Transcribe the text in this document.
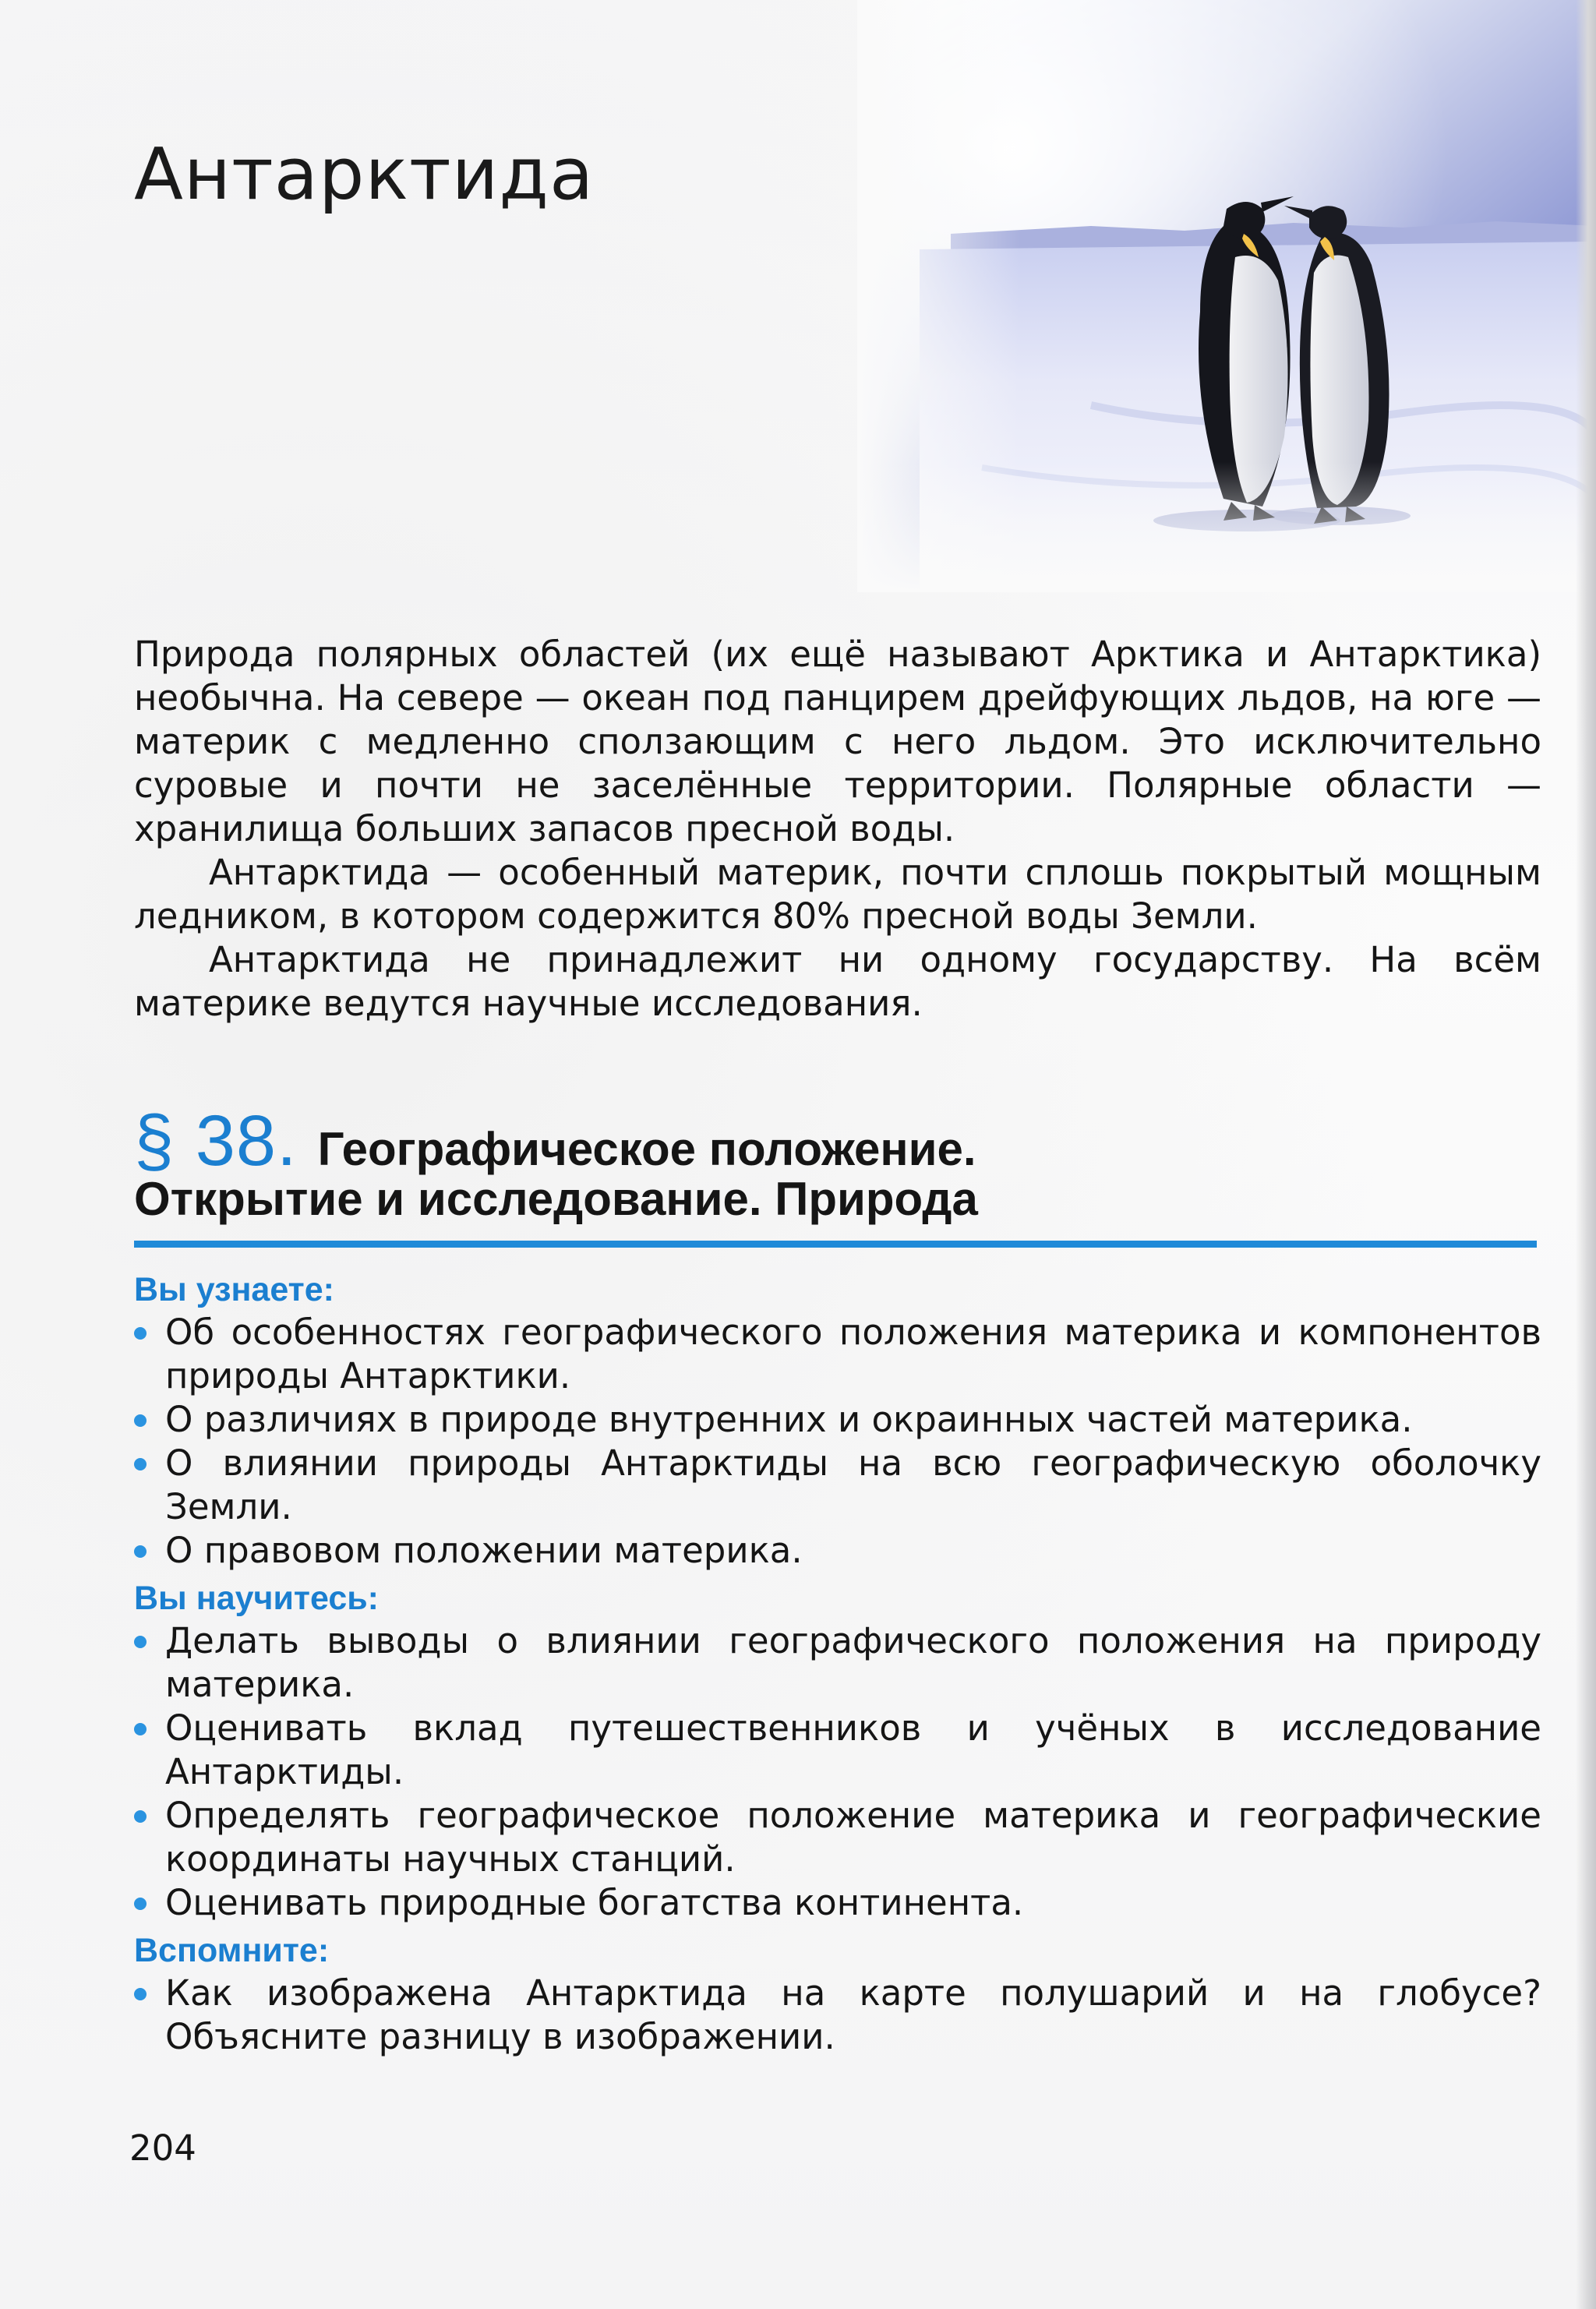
Антарктида

Природа полярных областей (их ещё называют Арктика и Антарктика) необычна. На севере — океан под панцирем дрейфующих льдов, на юге — материк с медленно сползающим с него льдом. Это исключительно суровые и почти не заселённые территории. Полярные области — хранилища больших запасов пресной воды.

Антарктида — особенный материк, почти сплошь покрытый мощным ледником, в котором содержится 80% пресной воды Земли.

Антарктида не принадлежит ни одному государству. На всём материке ведутся научные исследования.

§ 38. Географическое положение.
Открытие и исследование. Природа
Вы узнаете:
Об особенностях географического положения материка и компонентов природы Антарктики.
О различиях в природе внутренних и окраинных частей материка.
О влиянии природы Антарктиды на всю географическую оболочку Земли.
О правовом положении материка.
Вы научитесь:
Делать выводы о влиянии географического положения на природу материка.
Оценивать вклад путешественников и учёных в исследование Антарктиды.
Определять географическое положение материка и географические координаты научных станций.
Оценивать природные богатства континента.
Вспомните:
Как изображена Антарктида на карте полушарий и на глобусе? Объясните разницу в изображении.
204
